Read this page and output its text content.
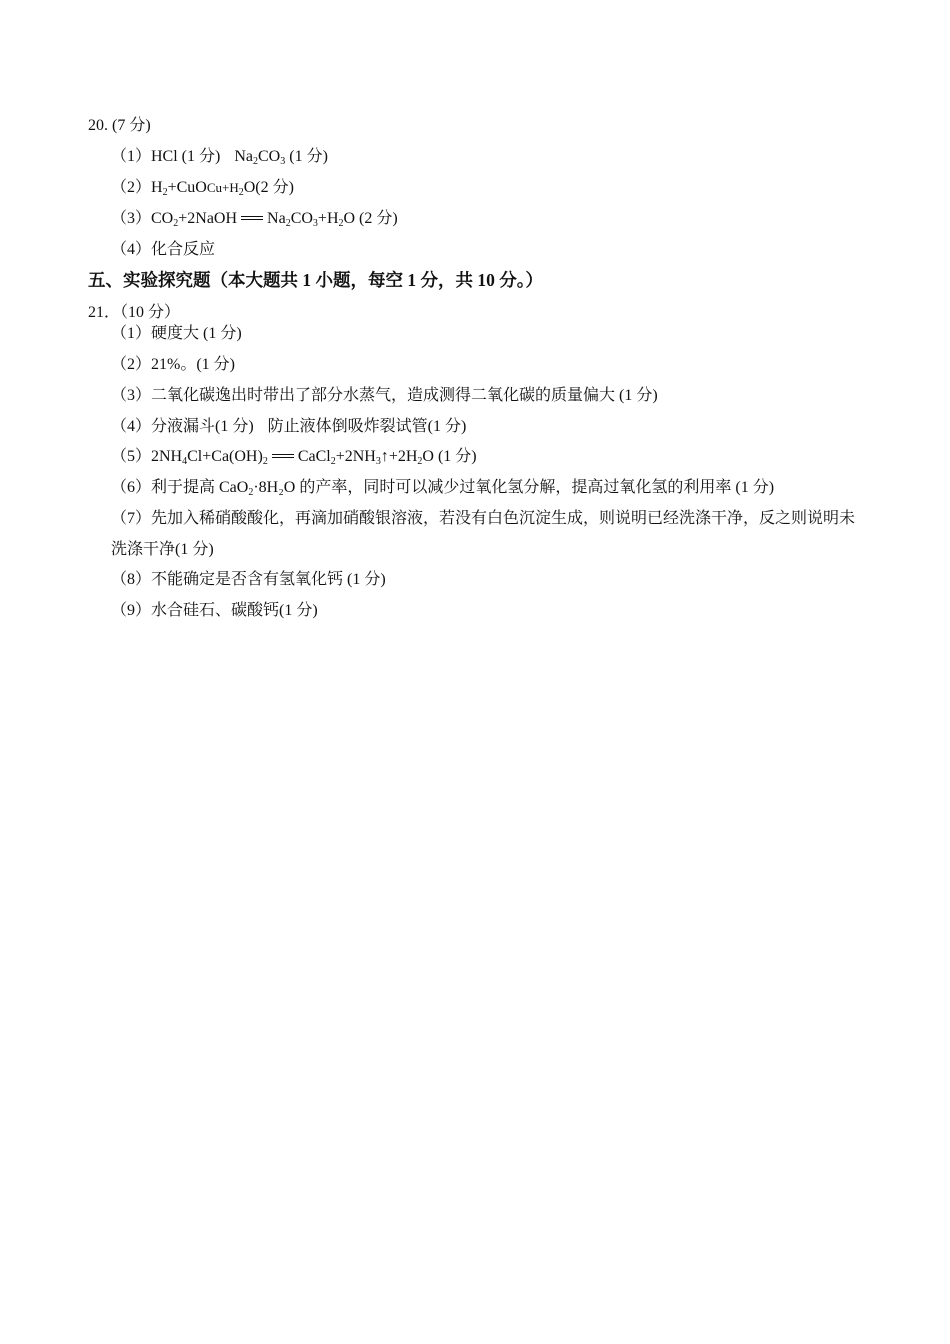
20. (7 分)
（1）HCl (1 分) $Na_2CO_3$ (1 分)
$(2)H_2+CuOCu+H_2O(2$ 分)
$(3)CO_2+2NaOH$ $Na_2CO_3+H_2O$ (2 分)
（4）化合反应
五、实验探究题（本大题共 1 小题，每空 1 分，共 10 分。）
21．（10 分）
（1）硬度大 (1 分)
（2）21%。(1 分)
（3）二氧化碳逸出时带出了部分水蒸气，造成测得二氧化碳的质量偏大 (1 分)
（4）分液漏斗(1 分) 防止液体倒吸炸裂试管(1 分)
$(5)2NH_4Cl+Ca(OH)_2$ $CaCl_2+2NH_3↑+2H_2O$ (1 分)
（6）利于提高 CaO$_2$·8H₂O 的产率，同时可以减少过氧化氢分解，提高过氧化氢的利用率 (1 分)
（7）先加入稀硝酸酸化，再滴加硝酸银溶液，若没有白色沉淀生成，则说明已经洗涤干净，反之则说明未洗涤干净(1 分)
（8）不能确定是否含有氢氧化钙 (1 分)
（9）水合硅石、碳酸钙(1 分)
